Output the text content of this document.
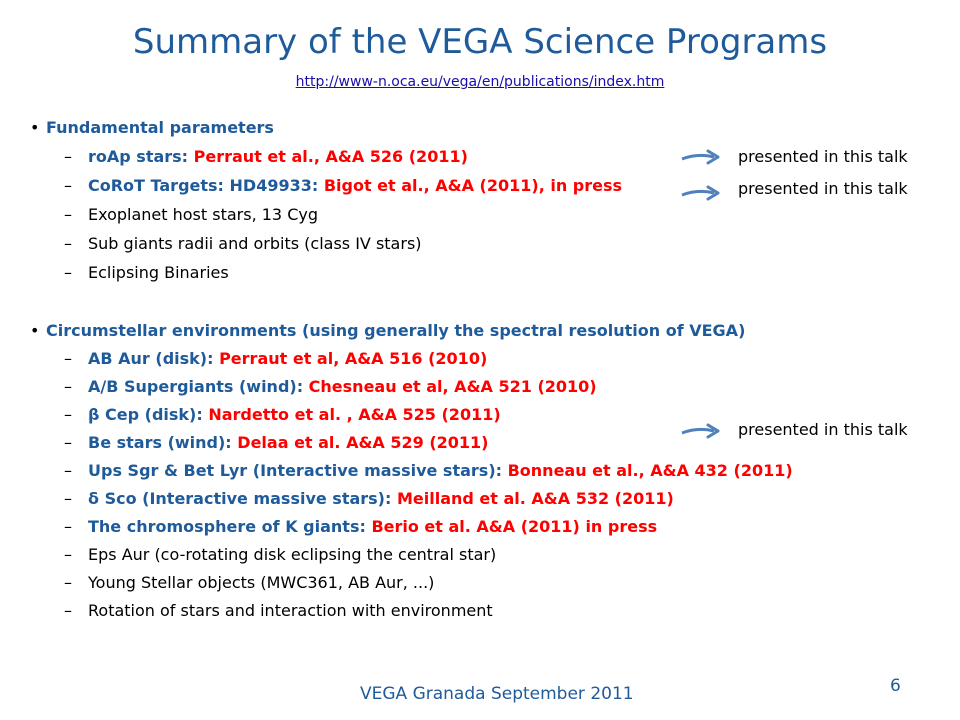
Summary of the VEGA Science Programs
http://www-n.oca.eu/vega/en/publications/index.htm
• Fundamental parameters
– roAp stars: Perraut et al., A&A 526 (2011)
– CoRoT Targets: HD49933: Bigot et al., A&A (2011), in press
– Exoplanet host stars, 13 Cyg
– Sub giants radii and orbits (class IV stars)
– Eclipsing Binaries
• Circumstellar environments (using generally the spectral resolution of VEGA)
– AB Aur (disk): Perraut et al, A&A 516 (2010)
– A/B Supergiants (wind): Chesneau et al, A&A 521 (2010)
– β Cep (disk): Nardetto et al. , A&A 525 (2011)
– Be stars (wind): Delaa et al. A&A 529 (2011)
– Ups Sgr & Bet Lyr (Interactive massive stars): Bonneau et al., A&A 432 (2011)
– δ Sco (Interactive massive stars): Meilland et al. A&A 532 (2011)
– The chromosphere of K giants: Berio et al. A&A (2011) in press
– Eps Aur (co-rotating disk eclipsing the central star)
– Young Stellar objects (MWC361, AB Aur, ...)
– Rotation of stars and interaction with environment
presented in this talk
presented in this talk
presented in this talk
VEGA Granada September 2011	6
